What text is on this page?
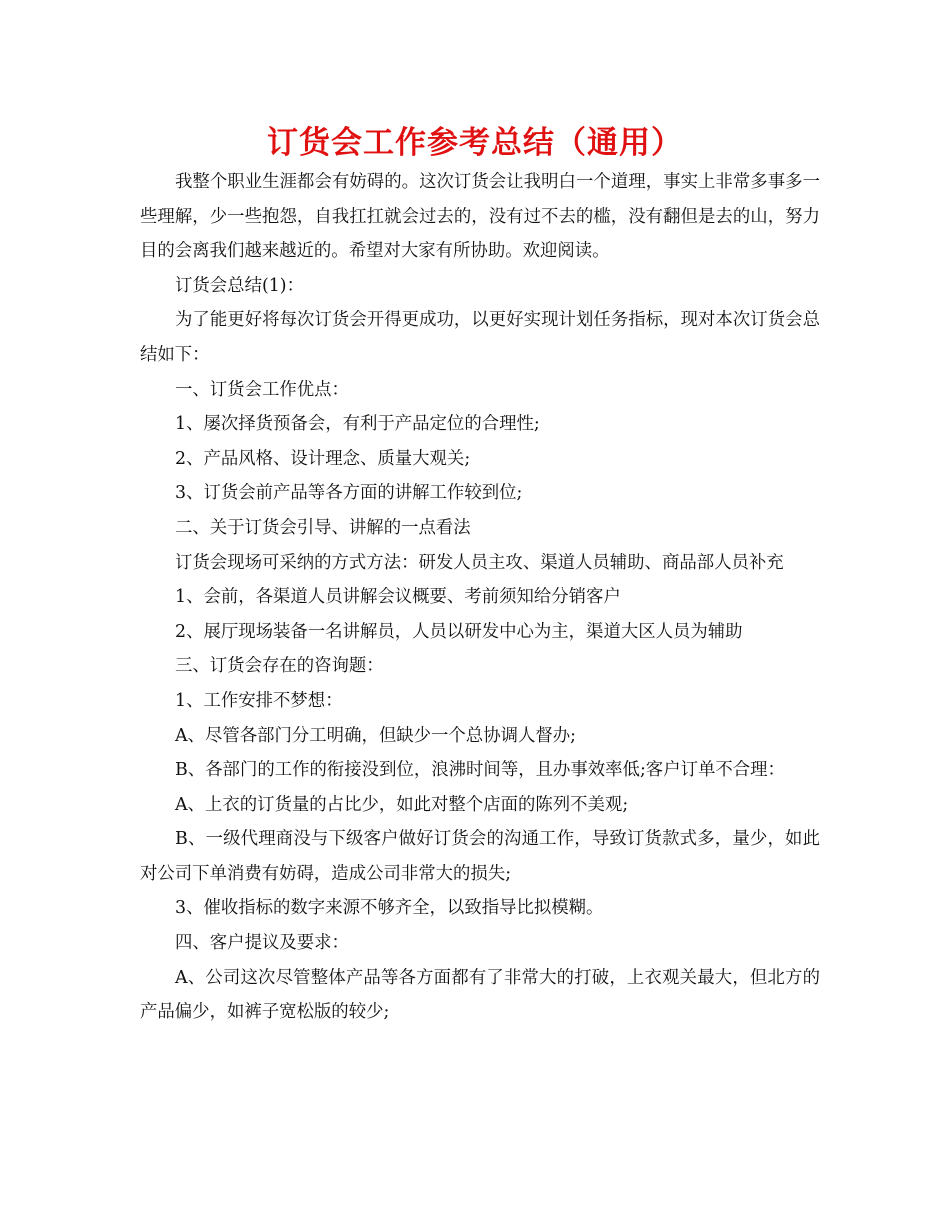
订货会工作参考总结（通用）

我整个职业生涯都会有妨碍的。这次订货会让我明白一个道理，事实上非常多事多一些理解，少一些抱怨，自我扛扛就会过去的，没有过不去的槛，没有翻但是去的山，努力目的会离我们越来越近的。希望对大家有所协助。欢迎阅读。

订货会总结(1)：

为了能更好将每次订货会开得更成功，以更好实现计划任务指标，现对本次订货会总结如下：

一、订货会工作优点：

1、屡次择货预备会，有利于产品定位的合理性;

2、产品风格、设计理念、质量大观关;

3、订货会前产品等各方面的讲解工作较到位;

二、关于订货会引导、讲解的一点看法

订货会现场可采纳的方式方法：研发人员主攻、渠道人员辅助、商品部人员补充

1、会前，各渠道人员讲解会议概要、考前须知给分销客户

2、展厅现场装备一名讲解员，人员以研发中心为主，渠道大区人员为辅助

三、订货会存在的咨询题：

1、工作安排不梦想：

A、尽管各部门分工明确，但缺少一个总协调人督办;

B、各部门的工作的衔接没到位，浪沸时间等，且办事效率低;客户订单不合理：

A、上衣的订货量的占比少，如此对整个店面的陈列不美观;

B、一级代理商没与下级客户做好订货会的沟通工作，导致订货款式多，量少，如此对公司下单消费有妨碍，造成公司非常大的损失;

3、催收指标的数字来源不够齐全，以致指导比拟模糊。

四、客户提议及要求：

A、公司这次尽管整体产品等各方面都有了非常大的打破，上衣观关最大，但北方的产品偏少，如裤子宽松版的较少;
